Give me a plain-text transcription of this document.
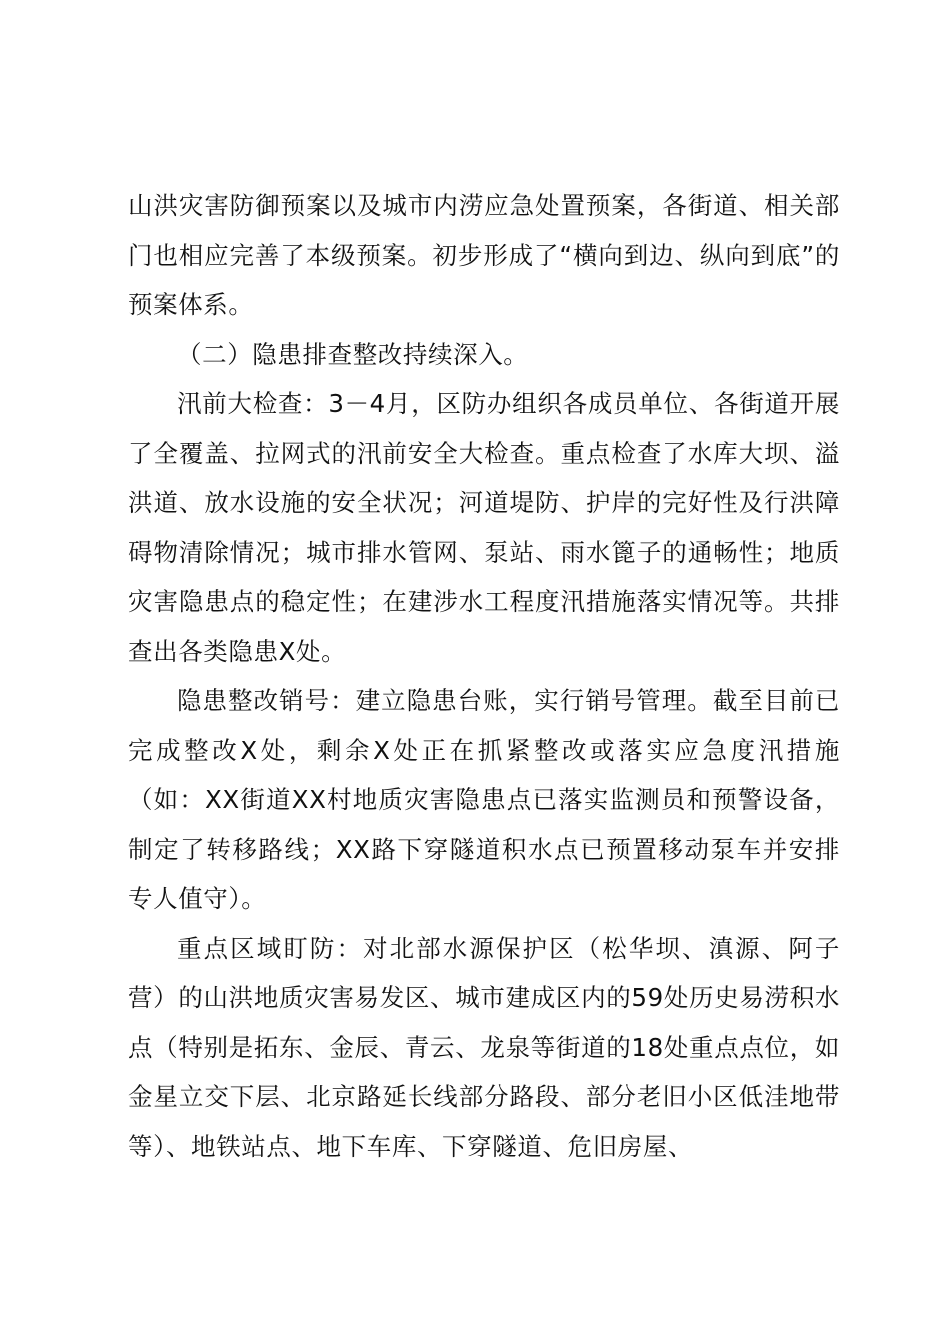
山洪灾害防御预案以及城市内涝应急处置预案，各街道、相关部门也相应完善了本级预案。初步形成了“横向到边、纵向到底”的预案体系。

（二）隐患排查整改持续深入。

汛前大检查：3－4月，区防办组织各成员单位、各街道开展了全覆盖、拉网式的汛前安全大检查。重点检查了水库大坝、溢洪道、放水设施的安全状况；河道堤防、护岸的完好性及行洪障碍物清除情况；城市排水管网、泵站、雨水篦子的通畅性；地质灾害隐患点的稳定性；在建涉水工程度汛措施落实情况等。共排查出各类隐患X处。

隐患整改销号：建立隐患台账，实行销号管理。截至目前已完成整改X处，剩余X处正在抓紧整改或落实应急度汛措施（如：XX街道XX村地质灾害隐患点已落实监测员和预警设备，制定了转移路线；XX路下穿隧道积水点已预置移动泵车并安排专人值守）。

重点区域盯防：对北部水源保护区（松华坝、滇源、阿子营）的山洪地质灾害易发区、城市建成区内的59处历史易涝积水点（特别是拓东、金辰、青云、龙泉等街道的18处重点点位，如金星立交下层、北京路延长线部分路段、部分老旧小区低洼地带等）、地铁站点、地下车库、下穿隧道、危旧房屋、
